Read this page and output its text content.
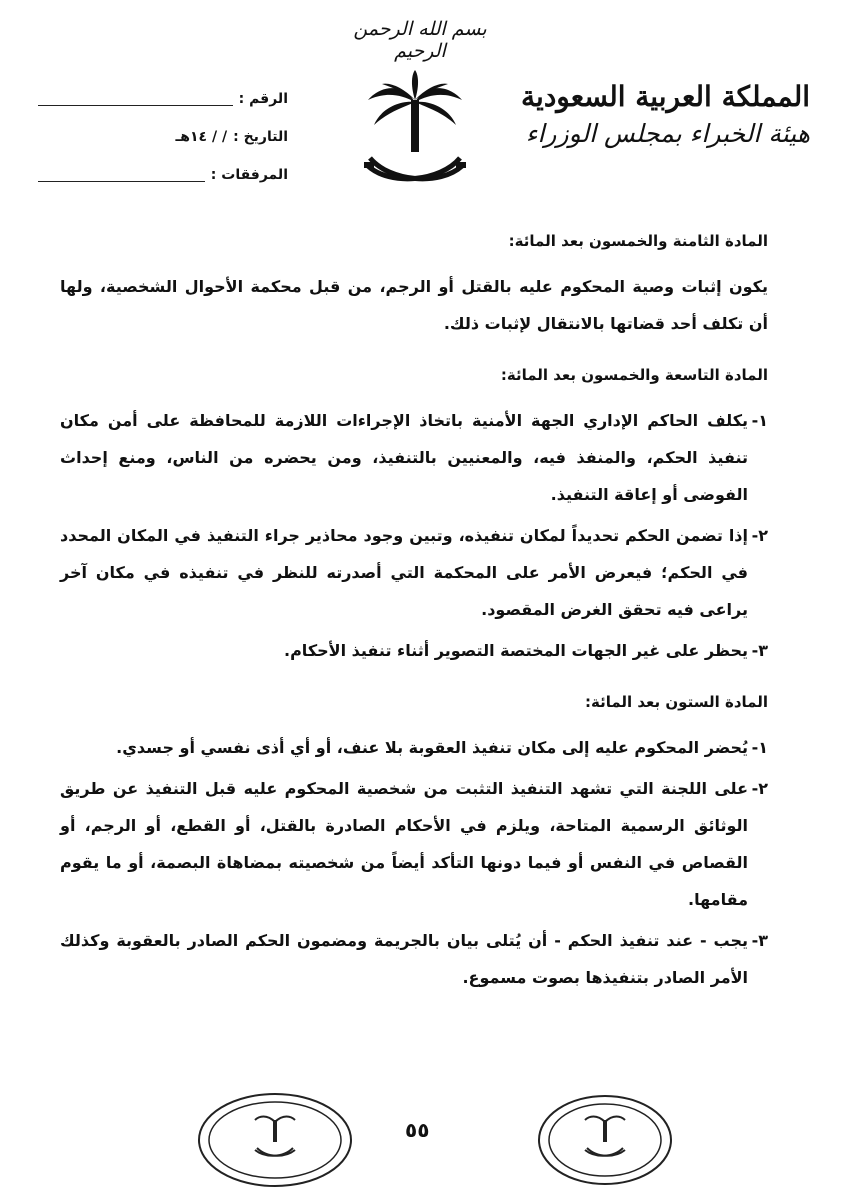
بسم الله الرحمن الرحيم
المملكة العربية السعودية
هيئة الخبراء بمجلس الوزراء
الرقم :
التاريخ :
/ / ١٤هـ
المرفقات :

المادة الثامنة والخمسون بعد المائة:

يكون إثبات وصية المحكوم عليه بالقتل أو الرجم، من قبل محكمة الأحوال الشخصية، ولها أن تكلف أحد قضاتها بالانتقال لإثبات ذلك.

المادة التاسعة والخمسون بعد المائة:

١-
يكلف الحاكم الإداري الجهة الأمنية باتخاذ الإجراءات اللازمة للمحافظة على أمن مكان تنفيذ الحكم، والمنفذ فيه، والمعنيين بالتنفيذ، ومن يحضره من الناس، ومنع إحداث الفوضى أو إعاقة التنفيذ.

٢-
إذا تضمن الحكم تحديداً لمكان تنفيذه، وتبين وجود محاذير جراء التنفيذ في المكان المحدد في الحكم؛ فيعرض الأمر على المحكمة التي أصدرته للنظر في تنفيذه في مكان آخر يراعى فيه تحقق الغرض المقصود.

٣-
يحظر على غير الجهات المختصة التصوير أثناء تنفيذ الأحكام.

المادة الستون بعد المائة:

١-
يُحضر المحكوم عليه إلى مكان تنفيذ العقوبة بلا عنف، أو أي أذى نفسي أو جسدي.

٢-
على اللجنة التي تشهد التنفيذ التثبت من شخصية المحكوم عليه قبل التنفيذ عن طريق الوثائق الرسمية المتاحة، ويلزم في الأحكام الصادرة بالقتل، أو القطع، أو الرجم، أو القصاص في النفس أو فيما دونها التأكد أيضاً من شخصيته بمضاهاة البصمة، أو ما يقوم مقامها.

٣-
يجب - عند تنفيذ الحكم - أن يُتلى بيان بالجريمة ومضمون الحكم الصادر بالعقوبة وكذلك الأمر الصادر بتنفيذها بصوت مسموع.

٥٥
